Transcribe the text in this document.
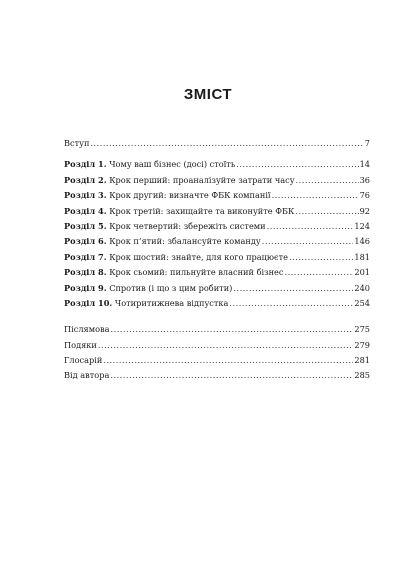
ЗМІСТ
Вступ .....	7
Розділ 1. Чому ваш бізнес (досі) стоїть .....	14
Розділ 2. Крок перший: проаналізуйте затрати часу .....	36
Розділ 3. Крок другий: визначте ФБК компанії .....	76
Розділ 4. Крок третій: захищайте та виконуйте ФБК .....	92
Розділ 5. Крок четвертий: збережіть системи .....	124
Розділ 6. Крок п’ятий: збалансуйте команду .....	146
Розділ 7. Крок шостий: знайте, для кого працюєте .....	181
Розділ 8. Крок сьомий: пильнуйте власний бізнес .....	201
Розділ 9. Спротив (і що з цим робити) .....	240
Розділ 10. Чотиритижнева відпустка .....	254
Післямова .....	275
Подяки .....	279
Глосарій .....	281
Від автора .....	285
